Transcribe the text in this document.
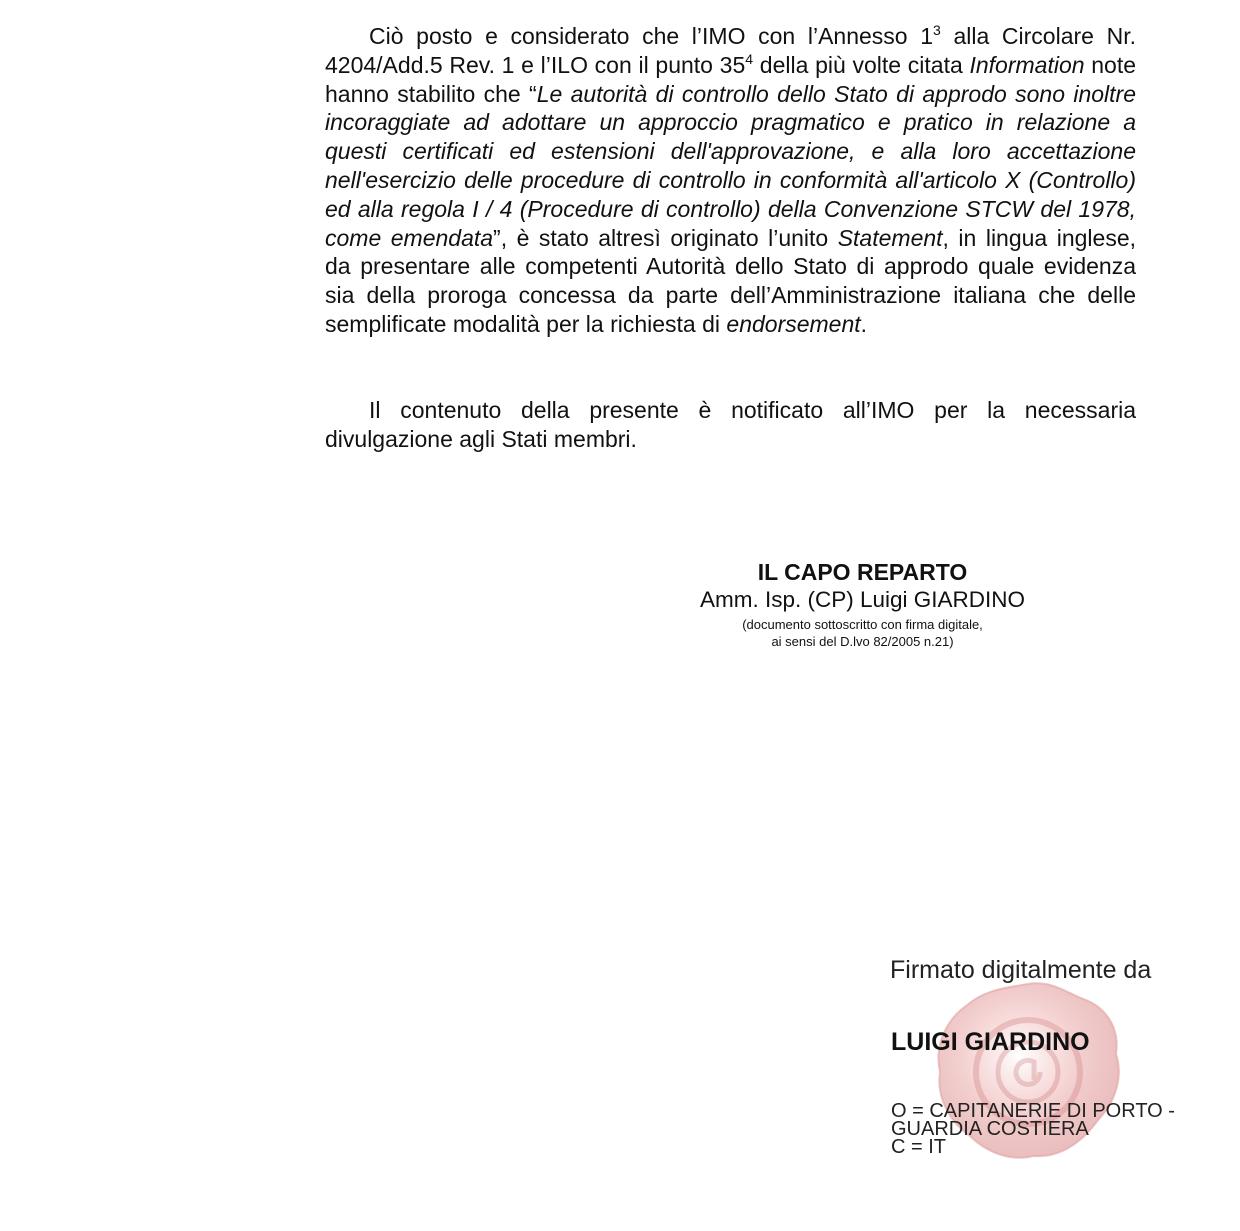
Ciò posto e considerato che l’IMO con l’Annesso $1^3$ alla Circolare Nr. 4204/Add.5 Rev. 1 e l’ILO con il punto $35^4$ della più volte citata Information note hanno stabilito che “Le autorità di controllo dello Stato di approdo sono inoltre incoraggiate ad adottare un approccio pragmatico e pratico in relazione a questi certificati ed estensioni dell'approvazione, e alla loro accettazione nell'esercizio delle procedure di controllo in conformità all'articolo X (Controllo) ed alla regola I / 4 (Procedure di controllo) della Convenzione STCW del 1978, come emendata”, è stato altresì originato l’unito Statement, in lingua inglese, da presentare alle competenti Autorità dello Stato di approdo quale evidenza sia della proroga concessa da parte dell’Amministrazione italiana che delle semplificate modalità per la richiesta di endorsement.

Il contenuto della presente è notificato all’IMO per la necessaria divulgazione agli Stati membri.

IL CAPO REPARTO
Amm. Isp. (CP) Luigi GIARDINO
(documento sottoscritto con firma digitale,
ai sensi del D.lvo 82/2005 n.21)
Firmato digitalmente da
LUIGI GIARDINO
O = CAPITANERIE DI PORTO -
GUARDIA COSTIERA
C = IT
